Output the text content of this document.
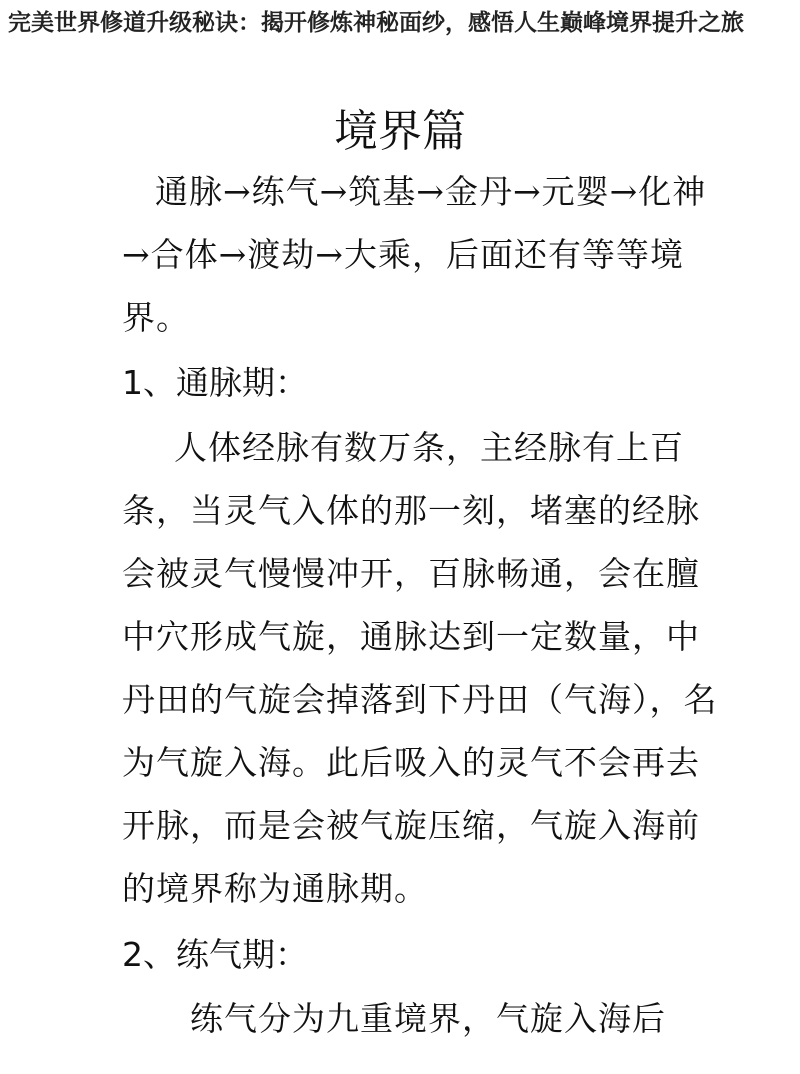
完美世界修道升级秘诀：揭开修炼神秘面纱，感悟人生巅峰境界提升之旅
境界篇

通脉→练气→筑基→金丹→元婴→化神→合体→渡劫→大乘，后面还有等等境界。

1、通脉期：

人体经脉有数万条，主经脉有上百条，当灵气入体的那一刻，堵塞的经脉会被灵气慢慢冲开，百脉畅通，会在膻中穴形成气旋，通脉达到一定数量，中丹田的气旋会掉落到下丹田（气海），名为气旋入海。此后吸入的灵气不会再去开脉，而是会被气旋压缩，气旋入海前的境界称为通脉期。

2、练气期：

练气分为九重境界，气旋入海后
